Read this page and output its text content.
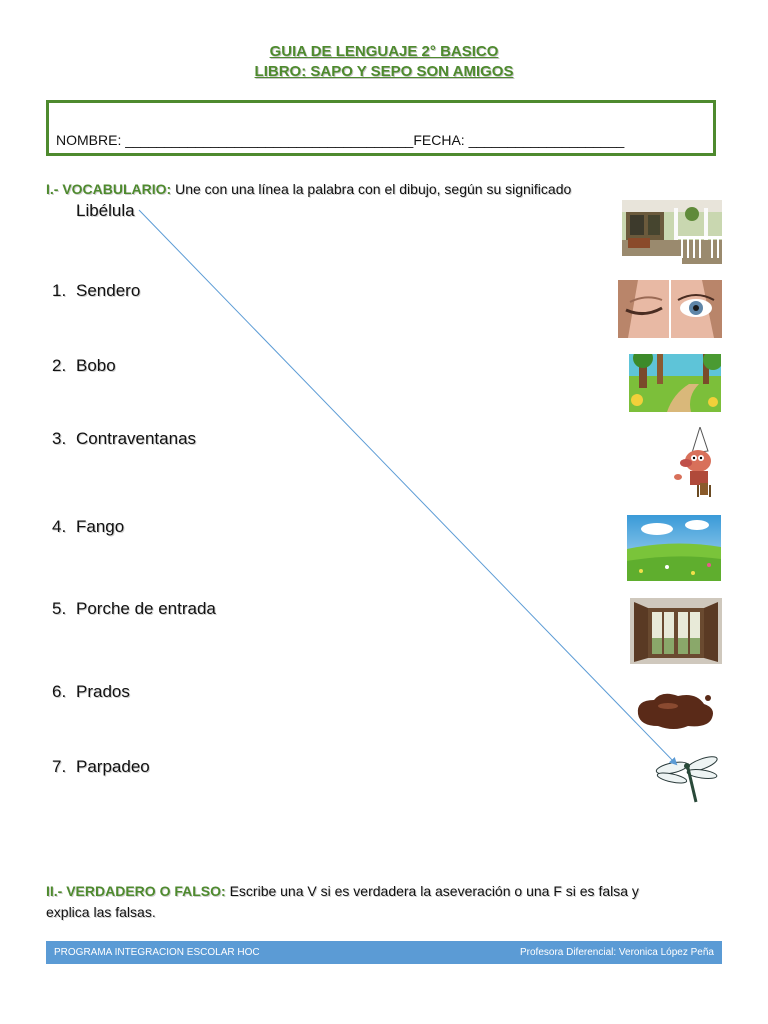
GUIA DE LENGUAJE 2° BASICO
LIBRO: SAPO Y SEPO SON AMIGOS
NOMBRE: _____________________________________FECHA: ____________________
I.- VOCABULARIO: Une con una línea la palabra con el dibujo, según su significado
Libélula
1. Sendero
2. Bobo
3. Contraventanas
4. Fango
5. Porche de entrada
6. Prados
7. Parpadeo
II.- VERDADERO O FALSO: Escribe una V si es verdadera la aseveración o una F si es falsa y
explica las falsas.
PROGRAMA INTEGRACION ESCOLAR HOC	Profesora Diferencial: Veronica López Peña
